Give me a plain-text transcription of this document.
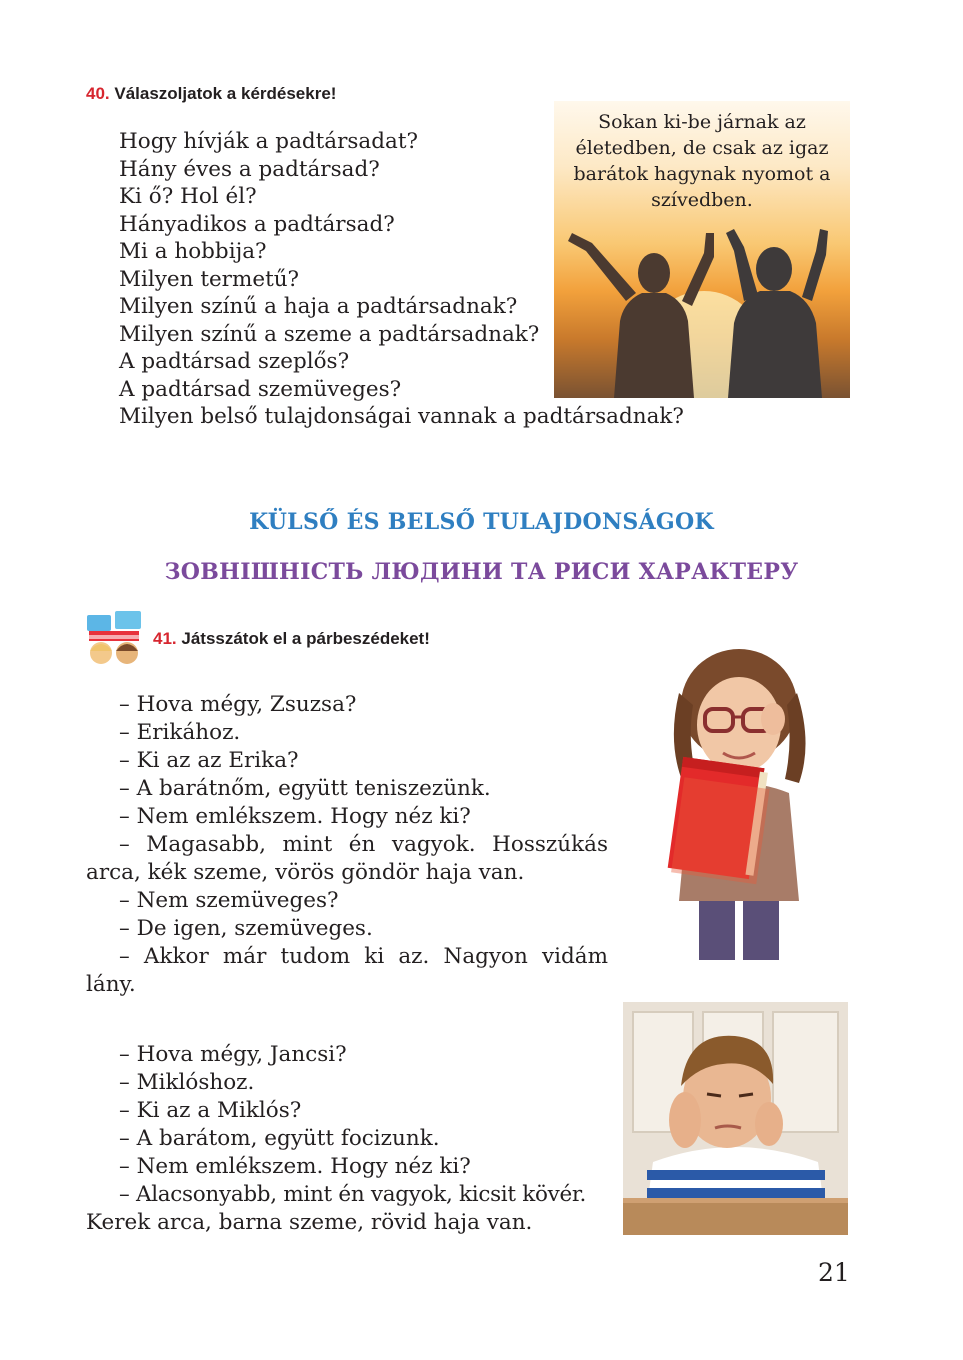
40. Válaszoljatok a kérdésekre!
Hogy hívják a padtársadat?
Hány éves a padtársad?
Ki ő? Hol él?
Hányadikos a padtársad?
Mi a hobbija?
Milyen termetű?
Milyen színű a haja a padtársadnak?
Milyen színű a szeme a padtársadnak?
A padtársad szeplős?
A padtársad szemüveges?
Milyen belső tulajdonságai vannak a padtársadnak?
Sokan ki-be járnak az
életedben, de csak az igaz
barátok hagynak nyomot a
szívedben.
KÜLSŐ ÉS BELSŐ TULAJDONSÁGOK
ЗОВНІШНІСТЬ ЛЮДИНИ ТА РИСИ ХАРАКТЕРУ
41. Játsszátok el a párbeszédeket!
– Hova mégy, Zsuzsa?
– Erikához.
– Ki az az Erika?
– A barátnőm, együtt teniszezünk.
– Nem emlékszem. Hogy néz ki?
– Magasabb, mint én vagyok. Hosszúkás
arca, kék szeme, vörös göndör haja van.
– Nem szemüveges?
– De igen, szemüveges.
– Akkor már tudom ki az. Nagyon vidám
lány.
– Hova mégy, Jancsi?
– Miklóshoz.
– Ki az a Miklós?
– A barátom, együtt focizunk.
– Nem emlékszem. Hogy néz ki?
– Alacsonyabb, mint én vagyok, kicsit kövér.
Kerek arca, barna szeme, rövid haja van.
21
